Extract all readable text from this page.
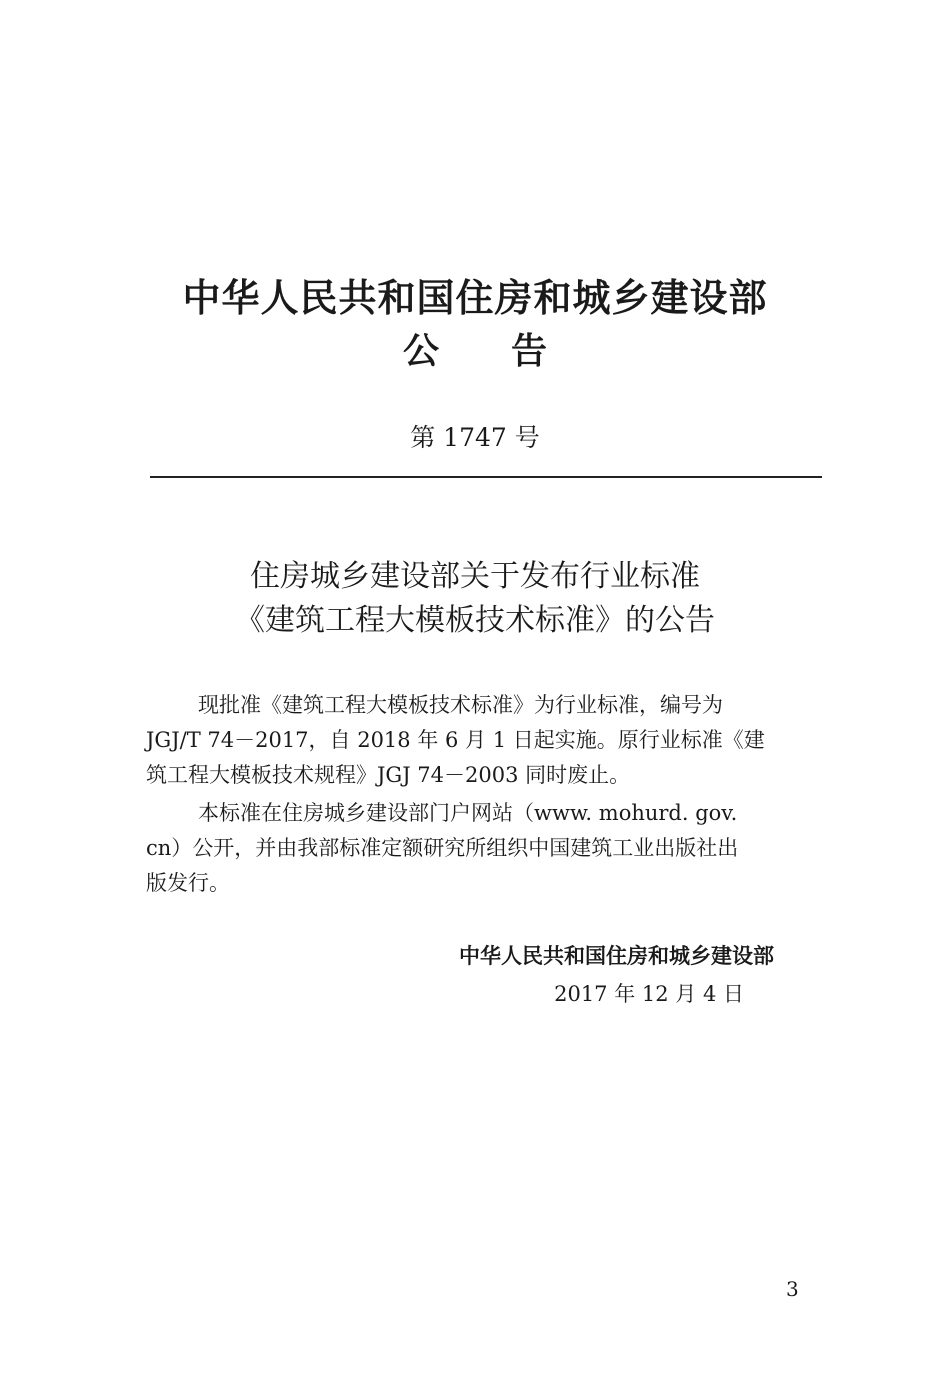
中华人民共和国住房和城乡建设部
公告
第 1747 号
住房城乡建设部关于发布行业标准
《建筑工程大模板技术标准》的公告
现批准《建筑工程大模板技术标准》为行业标准，编号为
JGJ/T 74－2017，自 2018 年 6 月 1 日起实施。原行业标准《建
筑工程大模板技术规程》JGJ 74－2003 同时废止。
本标准在住房城乡建设部门户网站（www. mohurd. gov.
cn）公开，并由我部标准定额研究所组织中国建筑工业出版社出
版发行。
中华人民共和国住房和城乡建设部
2017 年 12 月 4 日
3
